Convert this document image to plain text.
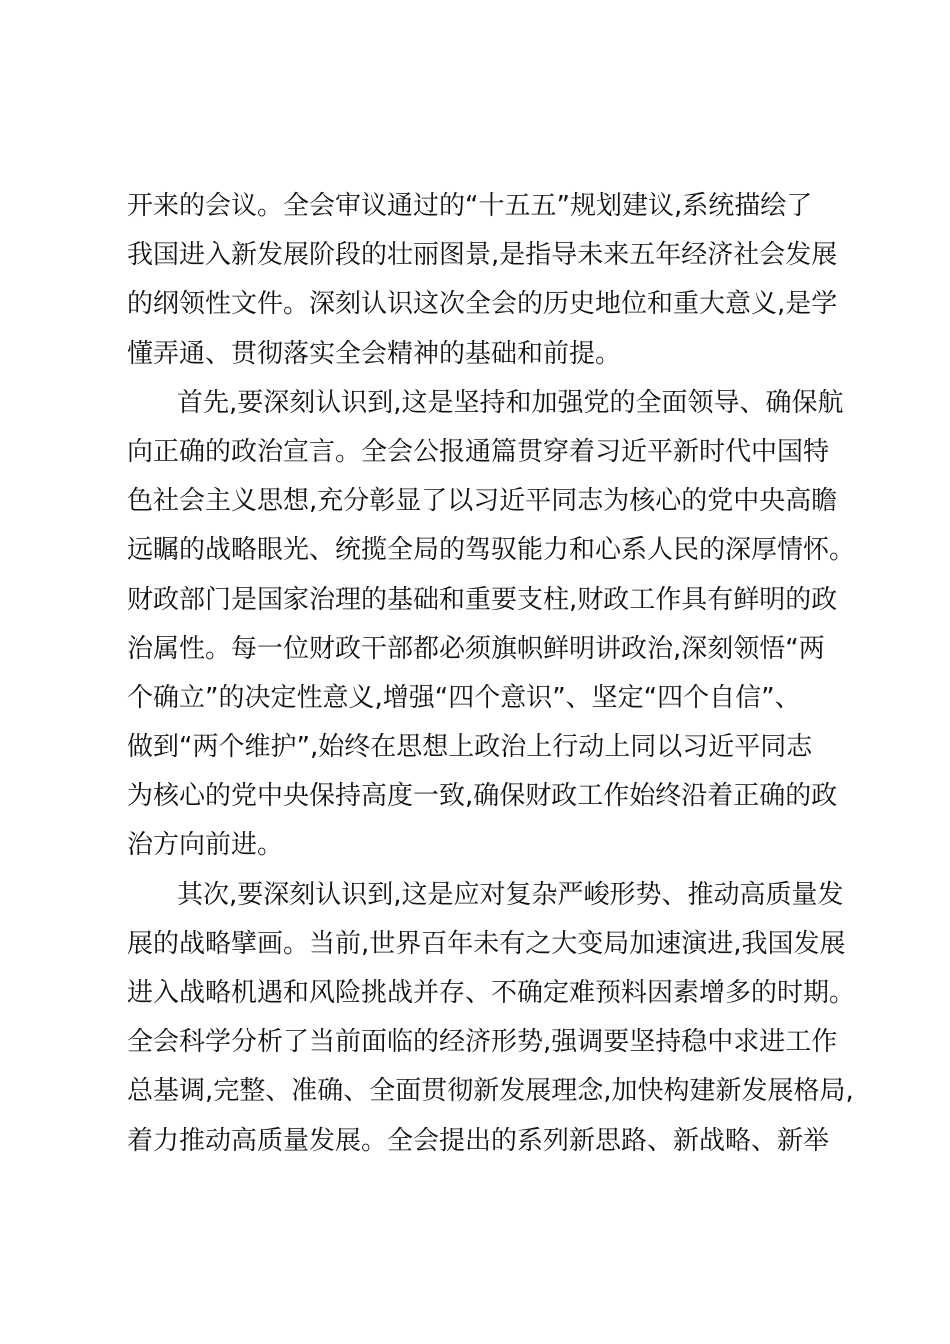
开来的会议。全会审议通过的“十五五”规划建议,系统描绘了
我国进入新发展阶段的壮丽图景,是指导未来五年经济社会发展
的纲领性文件。深刻认识这次全会的历史地位和重大意义,是学
懂弄通、贯彻落实全会精神的基础和前提。
首先,要深刻认识到,这是坚持和加强党的全面领导、确保航
向正确的政治宣言。全会公报通篇贯穿着习近平新时代中国特
色社会主义思想,充分彰显了以习近平同志为核心的党中央高瞻
远瞩的战略眼光、统揽全局的驾驭能力和心系人民的深厚情怀。
财政部门是国家治理的基础和重要支柱,财政工作具有鲜明的政
治属性。每一位财政干部都必须旗帜鲜明讲政治,深刻领悟“两
个确立”的决定性意义,增强“四个意识”、坚定“四个自信”、
做到“两个维护”,始终在思想上政治上行动上同以习近平同志
为核心的党中央保持高度一致,确保财政工作始终沿着正确的政
治方向前进。
其次,要深刻认识到,这是应对复杂严峻形势、推动高质量发
展的战略擘画。当前,世界百年未有之大变局加速演进,我国发展
进入战略机遇和风险挑战并存、不确定难预料因素增多的时期。
全会科学分析了当前面临的经济形势,强调要坚持稳中求进工作
总基调,完整、准确、全面贯彻新发展理念,加快构建新发展格局,
着力推动高质量发展。全会提出的系列新思路、新战略、新举
